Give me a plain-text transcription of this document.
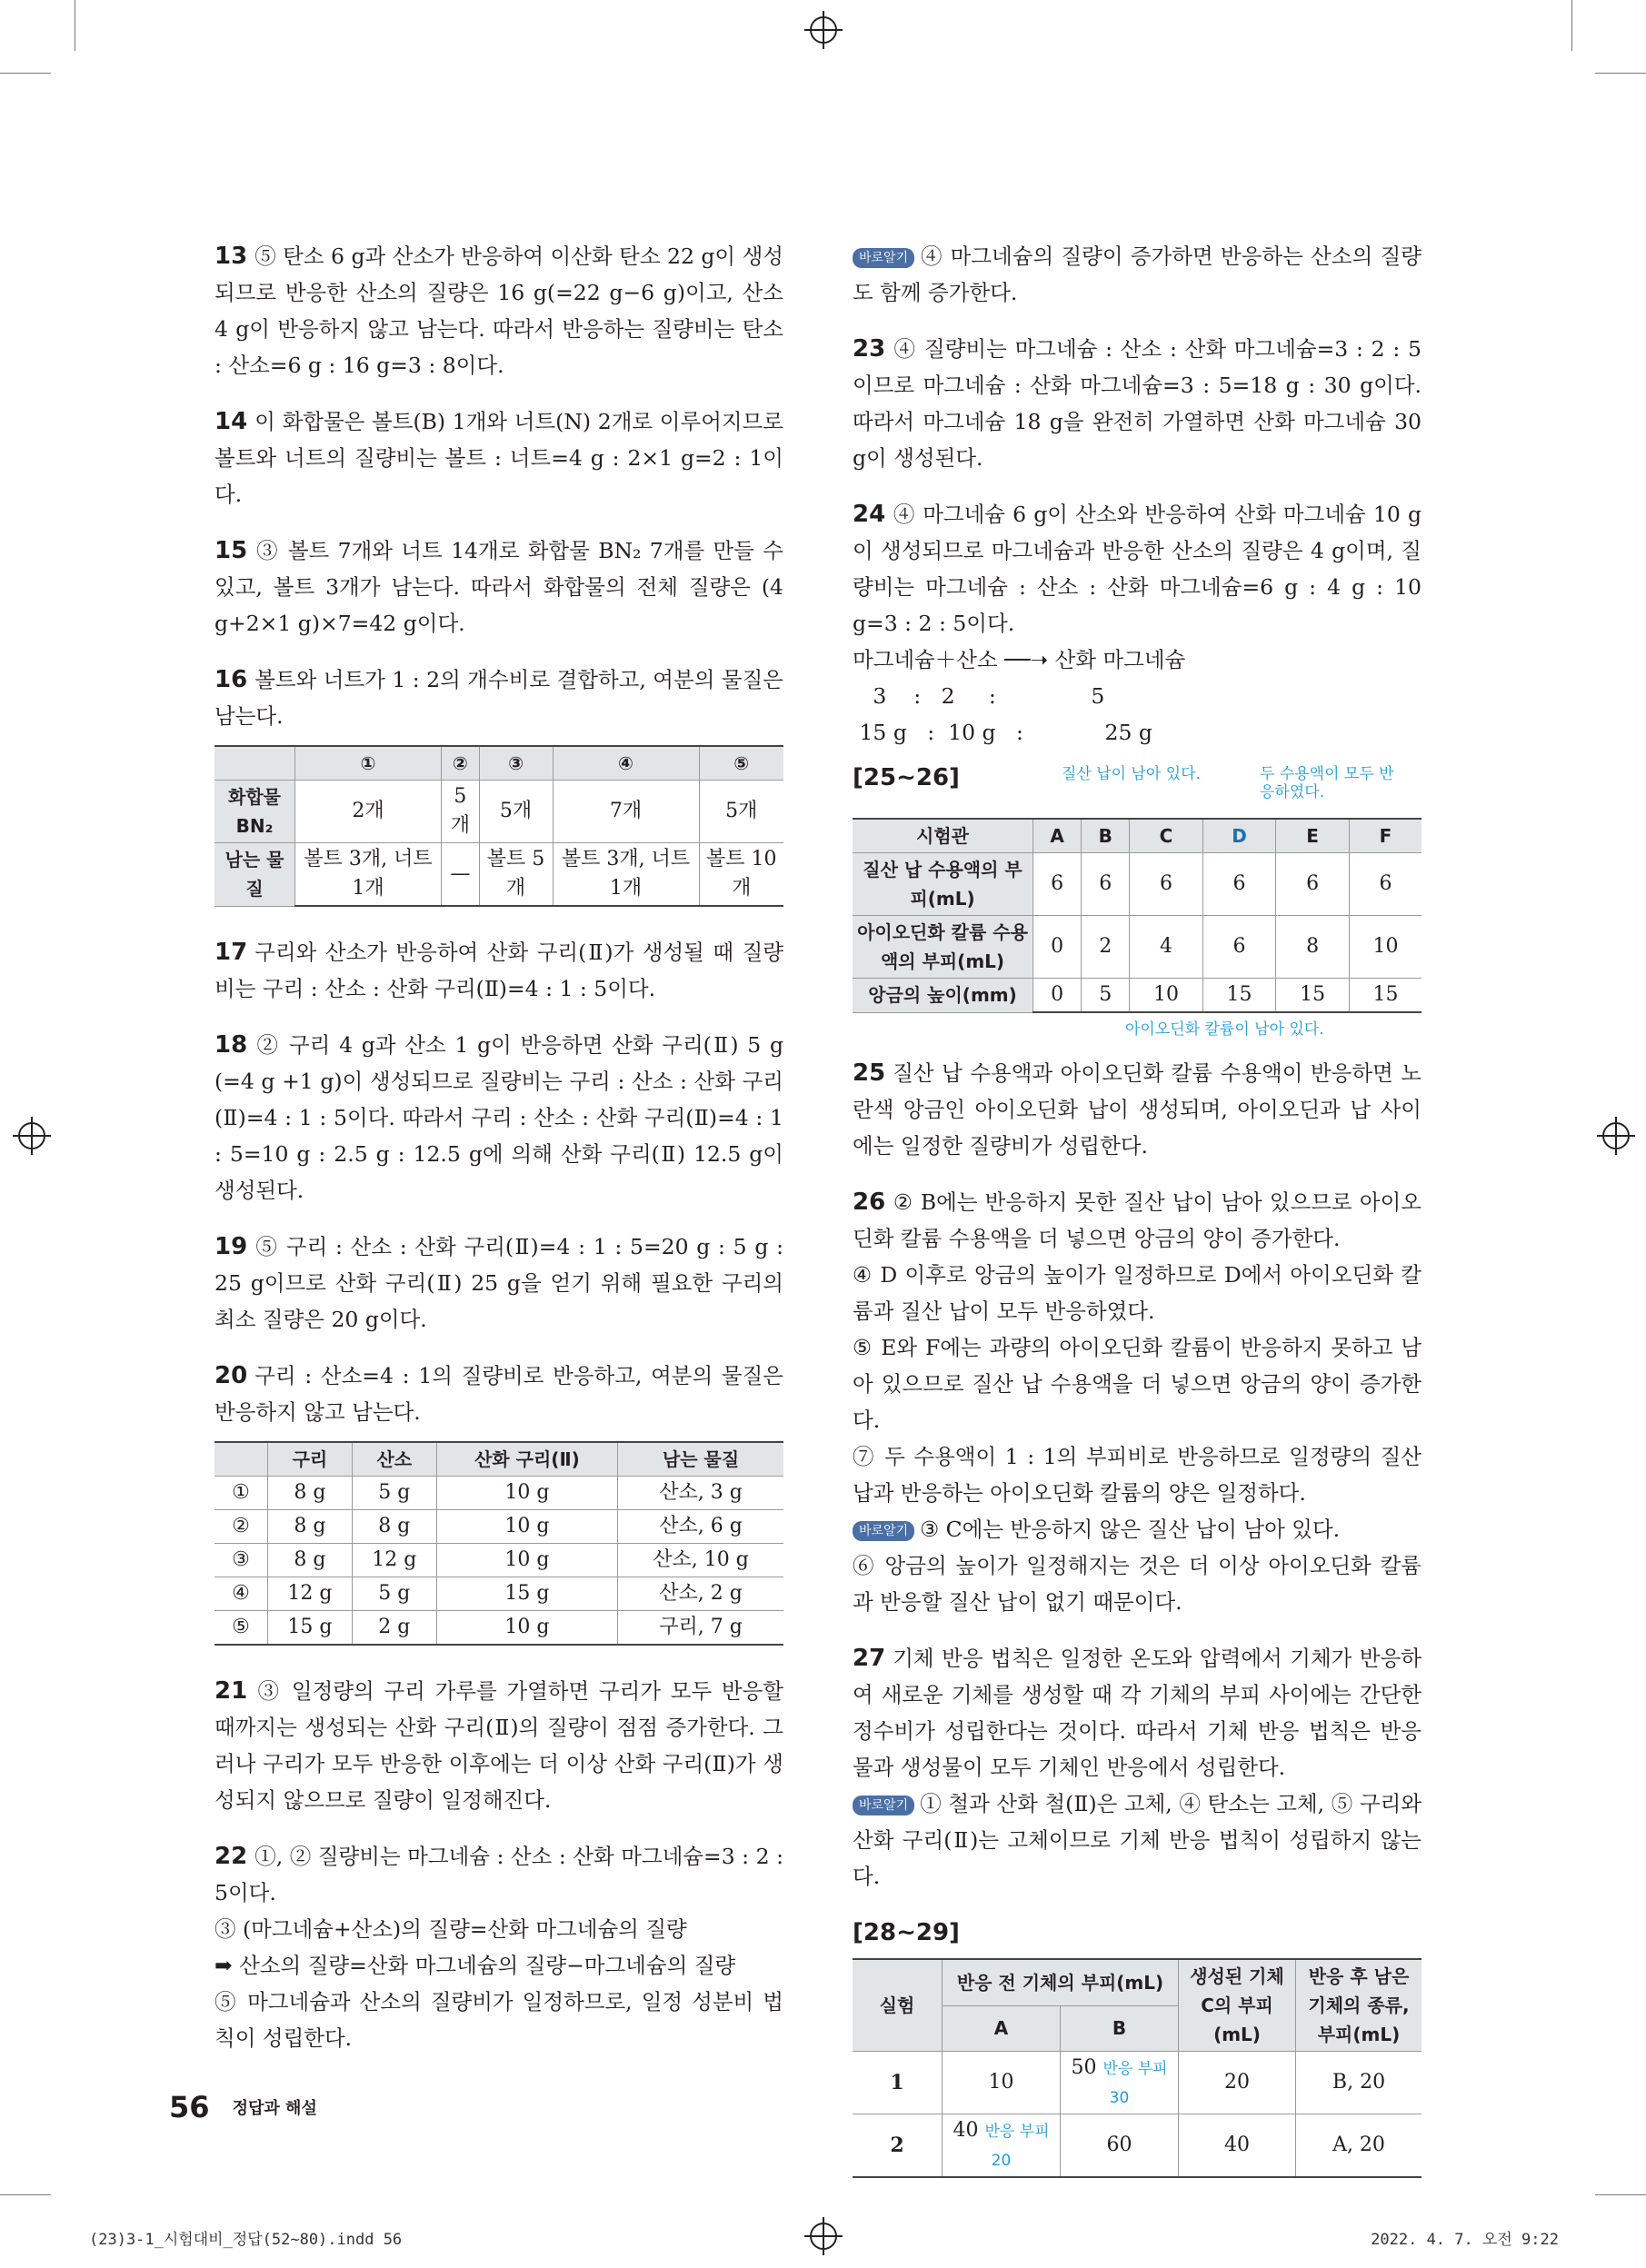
13 ⑤ 탄소 6 g과 산소가 반응하여 이산화 탄소 22 g이 생성되므로 반응한 산소의 질량은 16 g(=22 g−6 g)이고, 산소 4 g이 반응하지 않고 남는다. 따라서 반응하는 질량비는 탄소 : 산소=6 g : 16 g=3 : 8이다.

14 이 화합물은 볼트(B) 1개와 너트(N) 2개로 이루어지므로 볼트와 너트의 질량비는 볼트 : 너트=4 g : 2×1 g=2 : 1이다.

15 ③ 볼트 7개와 너트 14개로 화합물 BN₂ 7개를 만들 수 있고, 볼트 3개가 남는다. 따라서 화합물의 전체 질량은 (4 g+2×1 g)×7=42 g이다.

16 볼트와 너트가 1 : 2의 개수비로 결합하고, 여분의 물질은 남는다.

	①	②	③	④	⑤
화합물 BN₂	2개	5개	5개	7개	5개
남는 물질	볼트 3개, 너트 1개	—	볼트 5개	볼트 3개, 너트 1개	볼트 10개

17 구리와 산소가 반응하여 산화 구리(Ⅱ)가 생성될 때 질량비는 구리 : 산소 : 산화 구리(Ⅱ)=4 : 1 : 5이다.

18 ② 구리 4 g과 산소 1 g이 반응하면 산화 구리(Ⅱ) 5 g (=4 g +1 g)이 생성되므로 질량비는 구리 : 산소 : 산화 구리(Ⅱ)=4 : 1 : 5이다. 따라서 구리 : 산소 : 산화 구리(Ⅱ)=4 : 1 : 5=10 g : 2.5 g : 12.5 g에 의해 산화 구리(Ⅱ) 12.5 g이 생성된다.

19 ⑤ 구리 : 산소 : 산화 구리(Ⅱ)=4 : 1 : 5=20 g : 5 g : 25 g이므로 산화 구리(Ⅱ) 25 g을 얻기 위해 필요한 구리의 최소 질량은 20 g이다.

20 구리 : 산소=4 : 1의 질량비로 반응하고, 여분의 물질은 반응하지 않고 남는다.

	구리	산소	산화 구리(Ⅱ)	남는 물질
①	8 g	5 g	10 g	산소, 3 g
②	8 g	8 g	10 g	산소, 6 g
③	8 g	12 g	10 g	산소, 10 g
④	12 g	5 g	15 g	산소, 2 g
⑤	15 g	2 g	10 g	구리, 7 g

21 ③ 일정량의 구리 가루를 가열하면 구리가 모두 반응할 때까지는 생성되는 산화 구리(Ⅱ)의 질량이 점점 증가한다. 그러나 구리가 모두 반응한 이후에는 더 이상 산화 구리(Ⅱ)가 생성되지 않으므로 질량이 일정해진다.

22 ①, ② 질량비는 마그네슘 : 산소 : 산화 마그네슘=3 : 2 : 5이다.
③ (마그네슘+산소)의 질량=산화 마그네슘의 질량
➡ 산소의 질량=산화 마그네슘의 질량−마그네슘의 질량
⑤ 마그네슘과 산소의 질량비가 일정하므로, 일정 성분비 법칙이 성립한다.

바로알기 ④ 마그네슘의 질량이 증가하면 반응하는 산소의 질량도 함께 증가한다.

23 ④ 질량비는 마그네슘 : 산소 : 산화 마그네슘=3 : 2 : 5이므로 마그네슘 : 산화 마그네슘=3 : 5=18 g : 30 g이다. 따라서 마그네슘 18 g을 완전히 가열하면 산화 마그네슘 30 g이 생성된다.

24 ④ 마그네슘 6 g이 산소와 반응하여 산화 마그네슘 10 g이 생성되므로 마그네슘과 반응한 산소의 질량은 4 g이며, 질량비는 마그네슘 : 산소 : 산화 마그네슘=6 g : 4 g : 10 g=3 : 2 : 5이다.
마그네슘＋산소 ──➝ 산화 마그네슘
3    :   2     :              5
15 g   :  10 g   :            25 g
[25~26]	질산 납이 남아 있다.	두 수용액이 모두 반응하였다.
시험관	A	B	C	D	E	F
질산 납 수용액의 부피(mL)	6	6	6	6	6	6
아이오딘화 칼륨 수용액의 부피(mL)	0	2	4	6	8	10
앙금의 높이(mm)	0	5	10	15	15	15
아이오딘화 칼륨이 남아 있다.

25 질산 납 수용액과 아이오딘화 칼륨 수용액이 반응하면 노란색 앙금인 아이오딘화 납이 생성되며, 아이오딘과 납 사이에는 일정한 질량비가 성립한다.

26 ② B에는 반응하지 못한 질산 납이 남아 있으므로 아이오딘화 칼륨 수용액을 더 넣으면 앙금의 양이 증가한다.
④ D 이후로 앙금의 높이가 일정하므로 D에서 아이오딘화 칼륨과 질산 납이 모두 반응하였다.
⑤ E와 F에는 과량의 아이오딘화 칼륨이 반응하지 못하고 남아 있으므로 질산 납 수용액을 더 넣으면 앙금의 양이 증가한다.
⑦ 두 수용액이 1 : 1의 부피비로 반응하므로 일정량의 질산 납과 반응하는 아이오딘화 칼륨의 양은 일정하다.
바로알기 ③ C에는 반응하지 않은 질산 납이 남아 있다.
⑥ 앙금의 높이가 일정해지는 것은 더 이상 아이오딘화 칼륨과 반응할 질산 납이 없기 때문이다.
27 기체 반응 법칙은 일정한 온도와 압력에서 기체가 반응하여 새로운 기체를 생성할 때 각 기체의 부피 사이에는 간단한 정수비가 성립한다는 것이다. 따라서 기체 반응 법칙은 반응물과 생성물이 모두 기체인 반응에서 성립한다.
바로알기 ① 철과 산화 철(Ⅱ)은 고체, ④ 탄소는 고체, ⑤ 구리와 산화 구리(Ⅱ)는 고체이므로 기체 반응 법칙이 성립하지 않는다.
[28~29]
실험	반응 전 기체의 부피(mL)		생성된 기체 C의 부피(mL)	반응 후 남은 기체의 종류, 부피(mL)
	A	B		
1	10	50 반응 부피 30	20	B, 20
2	40 반응 부피 20	60	40	A, 20
56 정답과 해설
(23)3-1_시험대비_정답(52~80).indd 56	2022. 4. 7. 오전 9:22
